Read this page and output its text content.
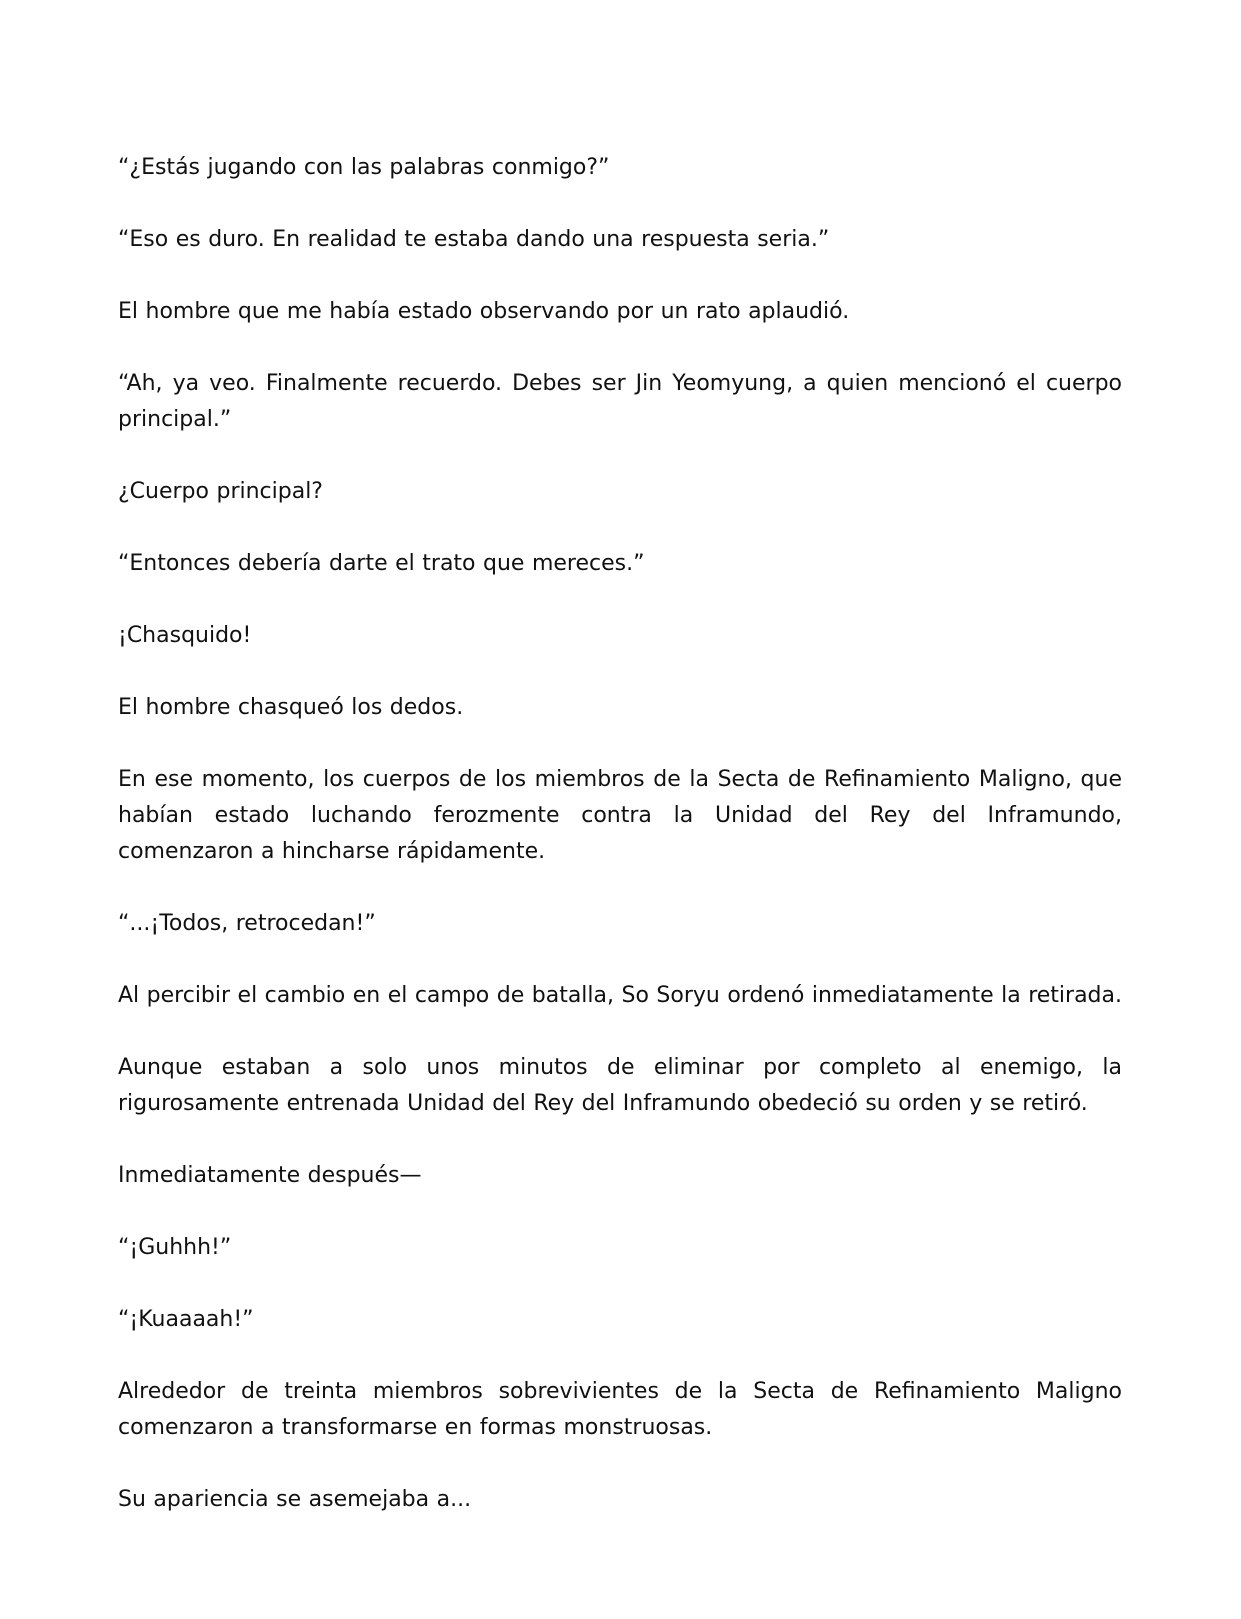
“¿Estás jugando con las palabras conmigo?”

“Eso es duro. En realidad te estaba dando una respuesta seria.”

El hombre que me había estado observando por un rato aplaudió.

“Ah, ya veo. Finalmente recuerdo. Debes ser Jin Yeomyung, a quien mencionó el cuerpo principal.”

¿Cuerpo principal?

“Entonces debería darte el trato que mereces.”

¡Chasquido!

El hombre chasqueó los dedos.

En ese momento, los cuerpos de los miembros de la Secta de Refinamiento Maligno, que habían estado luchando ferozmente contra la Unidad del Rey del Inframundo, comenzaron a hincharse rápidamente.

“...¡Todos, retrocedan!”

Al percibir el cambio en el campo de batalla, So Soryu ordenó inmediatamente la retirada.

Aunque estaban a solo unos minutos de eliminar por completo al enemigo, la rigurosamente entrenada Unidad del Rey del Inframundo obedeció su orden y se retiró.

Inmediatamente después—

“¡Guhhh!”

“¡Kuaaaah!”

Alrededor de treinta miembros sobrevivientes de la Secta de Refinamiento Maligno comenzaron a transformarse en formas monstruosas.

Su apariencia se asemejaba a...
